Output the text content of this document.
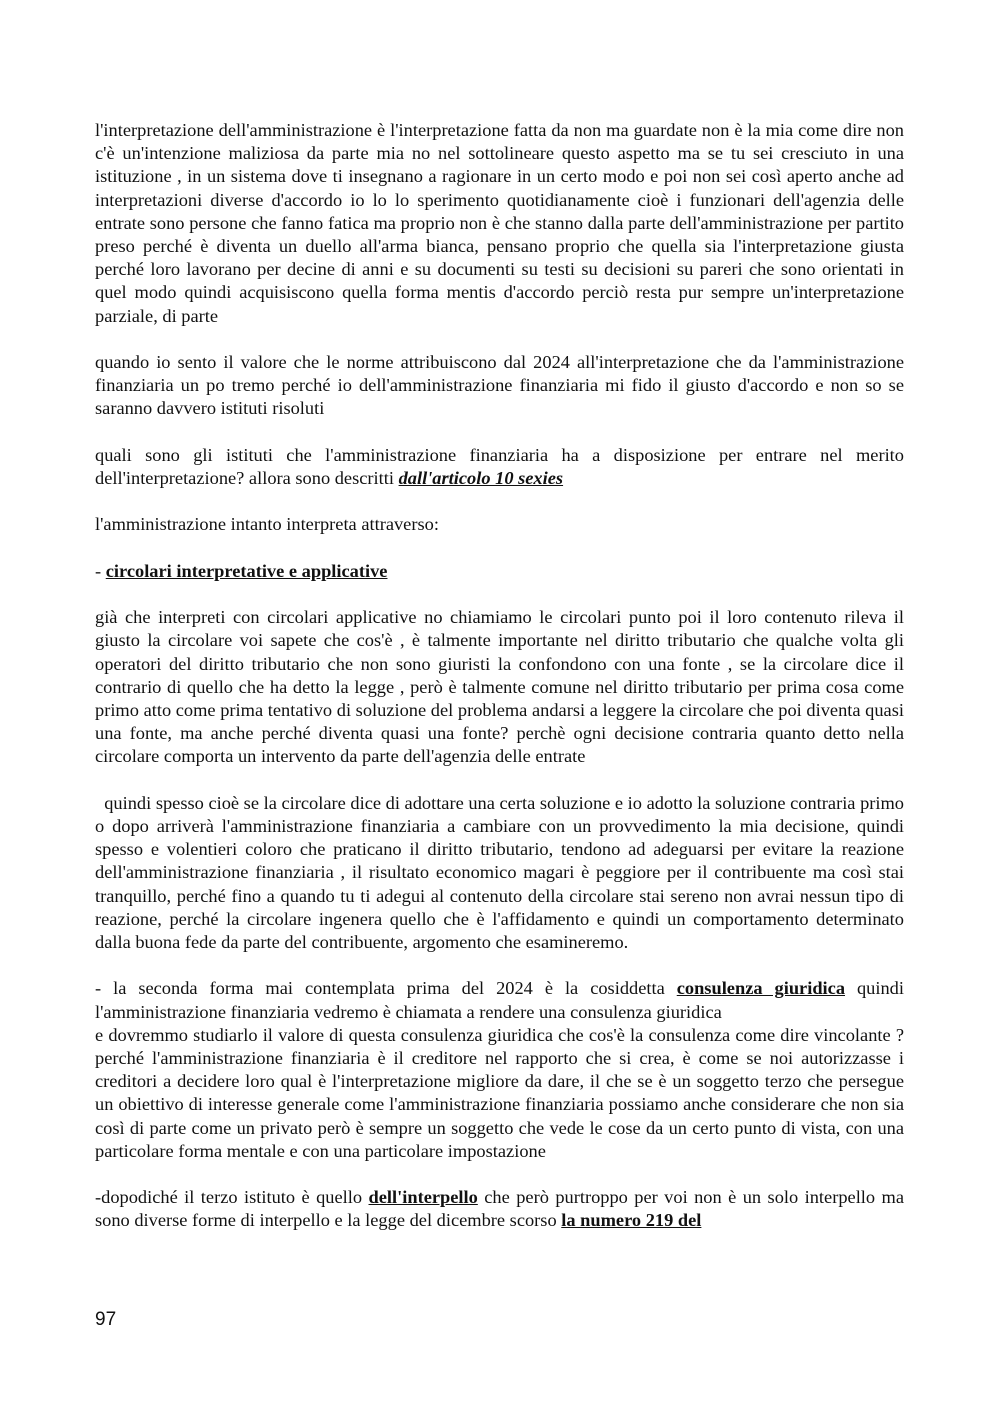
l'interpretazione dell'amministrazione è l'interpretazione fatta da non ma guardate non è la mia come dire non c'è un'intenzione maliziosa da parte mia no nel sottolineare questo aspetto ma se tu sei cresciuto in una istituzione , in un sistema dove ti insegnano a ragionare in un certo modo e poi non sei così aperto anche ad interpretazioni diverse d'accordo io lo lo sperimento quotidianamente cioè i funzionari dell'agenzia delle entrate sono persone che fanno fatica ma proprio non è che stanno dalla parte dell'amministrazione per partito preso perché è diventa un duello all'arma bianca, pensano proprio che quella sia l'interpretazione giusta perché loro lavorano per decine di anni e su documenti su testi su decisioni su pareri che sono orientati in quel modo quindi acquisiscono quella forma mentis d'accordo perciò resta pur sempre un'interpretazione parziale, di parte

quando io sento il valore che le norme attribuiscono dal 2024 all'interpretazione che da l'amministrazione finanziaria un po tremo perché io dell'amministrazione finanziaria mi fido il giusto d'accordo e non so se saranno davvero istituti risoluti

quali sono gli istituti che l'amministrazione finanziaria ha a disposizione per entrare nel merito dell'interpretazione? allora sono descritti dall'articolo 10 sexies

l'amministrazione intanto interpreta attraverso:

- circolari interpretative e applicative

già che interpreti con circolari applicative no chiamiamo le circolari punto poi il loro contenuto rileva il giusto la circolare voi sapete che cos'è , è talmente importante nel diritto tributario che qualche volta gli operatori del diritto tributario che non sono giuristi la confondono con una fonte , se la circolare dice il contrario di quello che ha detto la legge , però è talmente comune nel diritto tributario per prima cosa come primo atto come prima tentativo di soluzione del problema andarsi a leggere la circolare che poi diventa quasi una fonte, ma anche perché diventa quasi una fonte? perchè ogni decisione contraria quanto detto nella circolare comporta un intervento da parte dell'agenzia delle entrate

quindi spesso cioè se la circolare dice di adottare una certa soluzione e io adotto la soluzione contraria primo o dopo arriverà l'amministrazione finanziaria a cambiare con un provvedimento la mia decisione, quindi spesso e volentieri coloro che praticano il diritto tributario, tendono ad adeguarsi per evitare la reazione dell'amministrazione finanziaria , il risultato economico magari è peggiore per il contribuente ma così stai tranquillo, perché fino a quando tu ti adegui al contenuto della circolare stai sereno non avrai nessun tipo di reazione, perché la circolare ingenera quello che è l'affidamento e quindi un comportamento determinato dalla buona fede da parte del contribuente, argomento che esamineremo.

- la seconda forma mai contemplata prima del 2024 è la cosiddetta consulenza giuridica quindi l'amministrazione finanziaria vedremo è chiamata a rendere una consulenza giuridica

e dovremmo studiarlo il valore di questa consulenza giuridica che cos'è la consulenza come dire vincolante ? perché l'amministrazione finanziaria è il creditore nel rapporto che si crea, è come se noi autorizzasse i creditori a decidere loro qual è l'interpretazione migliore da dare, il che se è un soggetto terzo che persegue un obiettivo di interesse generale come l'amministrazione finanziaria possiamo anche considerare che non sia così di parte come un privato però è sempre un soggetto che vede le cose da un certo punto di vista, con una particolare forma mentale e con una particolare impostazione

-dopodiché il terzo istituto è quello dell'interpello che però purtroppo per voi non è un solo interpello ma sono diverse forme di interpello e la legge del dicembre scorso la numero 219 del

97
